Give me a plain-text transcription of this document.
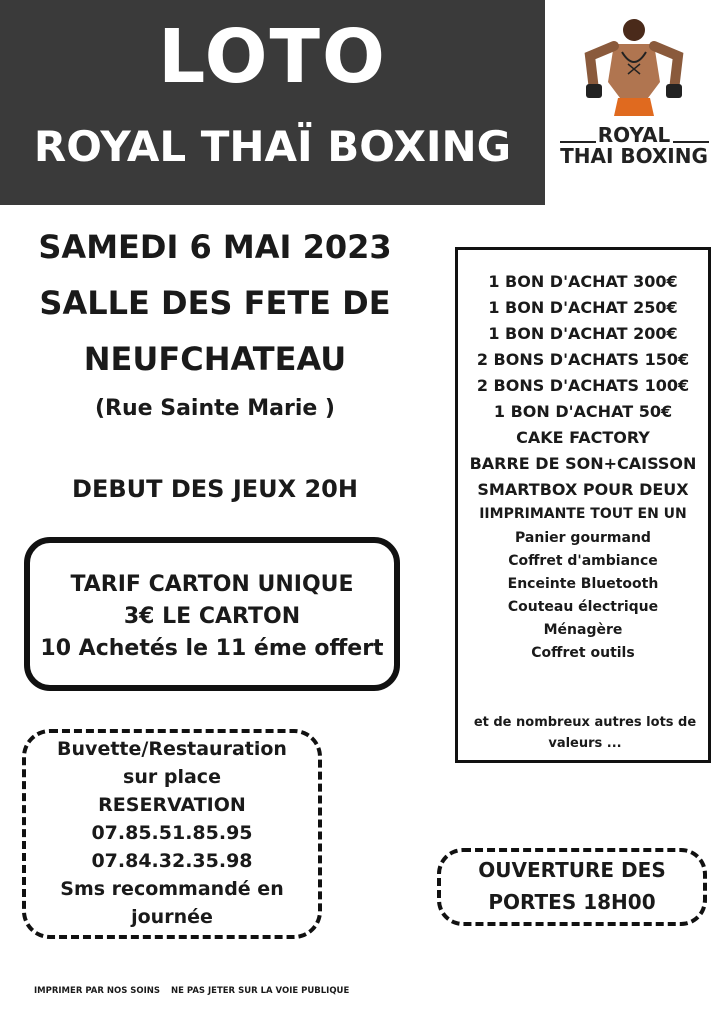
LOTO
ROYAL THAÏ BOXING	ROYAL
THAI BOXING
SAMEDI 6 MAI 2023
SALLE DES FETE DE
NEUFCHATEAU
(Rue Sainte Marie )
DEBUT DES JEUX 20H
TARIF CARTON UNIQUE
3€ LE CARTON
10 Achetés le 11 éme offert
Buvette/Restauration
sur place
RESERVATION
07.85.51.85.95
07.84.32.35.98
Sms recommandé en
journée
1 BON D'ACHAT 300€
1 BON D'ACHAT 250€
1 BON D'ACHAT 200€
2 BONS D'ACHATS 150€
2 BONS D'ACHATS 100€
1 BON D'ACHAT 50€
CAKE FACTORY
BARRE DE SON+CAISSON
SMARTBOX POUR DEUX
IIMPRIMANTE TOUT EN UN
Panier gourmand
Coffret d'ambiance
Enceinte Bluetooth
Couteau électrique
Ménagère
Coffret outils
et de nombreux autres lots de valeurs ...
OUVERTURE DES
PORTES 18H00
IMPRIMER PAR NOS SOINS NE PAS JETER SUR LA VOIE PUBLIQUE
